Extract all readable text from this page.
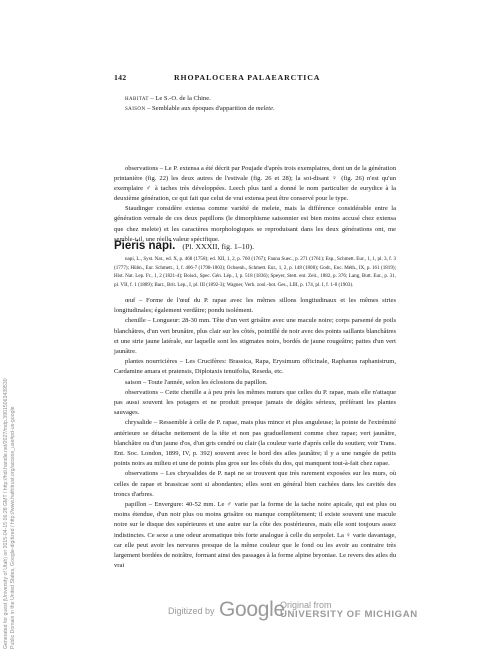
142	RHOPALOCERA PALAEARCTICA

habitat – Le S.-O. de la Chine.

saison – Semblable aux époques d'apparition de melete.

observations – Le P. extensa a été décrit par Poujade d'après trois exemplaires, dont un de la génération printanière (fig. 22) les deux autres de l'estivale (fig. 26 et 28); la soi-disant ♀ (fig. 26) n'est qu'un exemplaire ♂ à taches très développées. Leech plus tard a donné le nom particulier de eurydice à la deuxième génération, ce qui fait que celui de vrai extensa peut être conservé pour le type.

Staudinger considère extensa comme variété de melete, mais la différence considérable entre la génération vernale de ces deux papillons (le dimorphisme saisonnier est bien moins accusé chez extensa que chez melete) et les caractères morphologiques se reproduisant dans les deux générations ont, me semble-t-il, une réelle valeur spécifique.

Pieris napi. (Pl. XXXII, fig. 1–10).

napi, L., Syst. Nat., ed. X, p. 468 (1758); ed. XII, 1, 2, p. 760 (1767); Fauna Suec., p. 271 (1761); Esp., Schmett. Eur., 1, 1, pl. 3, f. 3 (1777); Hübn., Eur. Schmett., 1, f. 406-7 (1798-1803); Ochsenh., Schmett. Eur., 1, 2, p. 148 (1808); Godt., Enc. Méth., IX, p. 161 (1819); Hist. Nat. Lep. Fr., 1, 2 (1821-4); Boisd., Spec. Gén. Lép., I, p. 518 (1836); Speyer, Stett. ent. Zeit., 1882, p. 376; Lang, Butt. Eur., p. 31, pl. VII, f. 1 (1889); Barr., Brit. Lep., I, pl. III (1892-3); Wagner, Verh. zool.-bot. Ges., LIII, p. 174, pl. I, f. 1-8 (1903).

œuf – Forme de l'œuf du P. rapae avec les mêmes sillons longitudinaux et les mêmes stries longitudinales; également verdâtre; pondu isolément.

chenille – Longueur: 28-30 mm. Tête d'un vert grisâtre avec une macule noire; corps parsemé de poils blanchâtres, d'un vert brunâtre, plus clair sur les côtés, pointillé de noir avec des points saillants blanchâtres et une strie jaune latérale, sur laquelle sont les stigmates noirs, bordés de jaune rougeâtre; pattes d'un vert jaunâtre.

plantes nourricières – Les Crucifères: Brassica, Rapa, Erysimum officinale, Raphanus raphanistrum, Cardamine amara et pratensis, Diplotaxis tenuifolia, Reseda, etc.

saison – Toute l'année, selon les éclosions du papillon.

observations – Cette chenille a à peu près les mêmes mœurs que celles du P. rapae, mais elle n'attaque pas aussi souvent les potagers et ne produit presque jamais de dégâts sérieux, préférant les plantes sauvages.

chrysalide – Ressemble à celle de P. rapae, mais plus mince et plus anguleuse; la pointe de l'extrémité antérieure se détache nettement de la tête et non pas graduellement comme chez rapae; vert jaunâtre, blanchâtre ou d'un jaune d'os, d'un gris cendré ou clair (la couleur varie d'après celle du soutien; voir Trans. Ent. Soc. London, 1899, IV, p. 392) souvent avec le bord des ailes jaunâtre; il y a une rangée de petits points noirs au milieu et une de points plus gros sur les côtés du dos, qui manquent tout-à-fait chez rapae.

observations – Les chrysalides de P. napi ne se trouvent que très rarement exposées sur les murs, où celles de rapae et brassicae sont si abondantes; elles sont en général bien cachées dans les cavités des troncs d'arbres.

papillon – Envergure: 40-52 mm. Le ♂ varie par la forme de la tache noire apicale, qui est plus ou moins étendue, d'un noir plus ou moins grisâtre ou manque complètement; il existe souvent une macule noire sur le disque des supérieures et une autre sur la côte des postérieures, mais elle sont toujours assez indistinctes. Ce sexe a une odeur aromatique très forte analogue à celle du serpolet. La ♀ varie davantage, car elle peut avoir les nervures presque de la même couleur que le fond ou les avoir au contraire très largement bordées de noirâtre, formant ainsi des passages à la forme alpine bryoniae. Le revers des ailes du vrai

Generated for guest (University of Utah) on 2015-04-15 06:28 GMT / http://hdl.handle.net/2027/mdp.39015063439530 Public Domain in the United States, Google-digitized / http://www.hathitrust.org/access_use#pd-us-google	Digitized by Google
Original from
UNIVERSITY OF MICHIGAN
